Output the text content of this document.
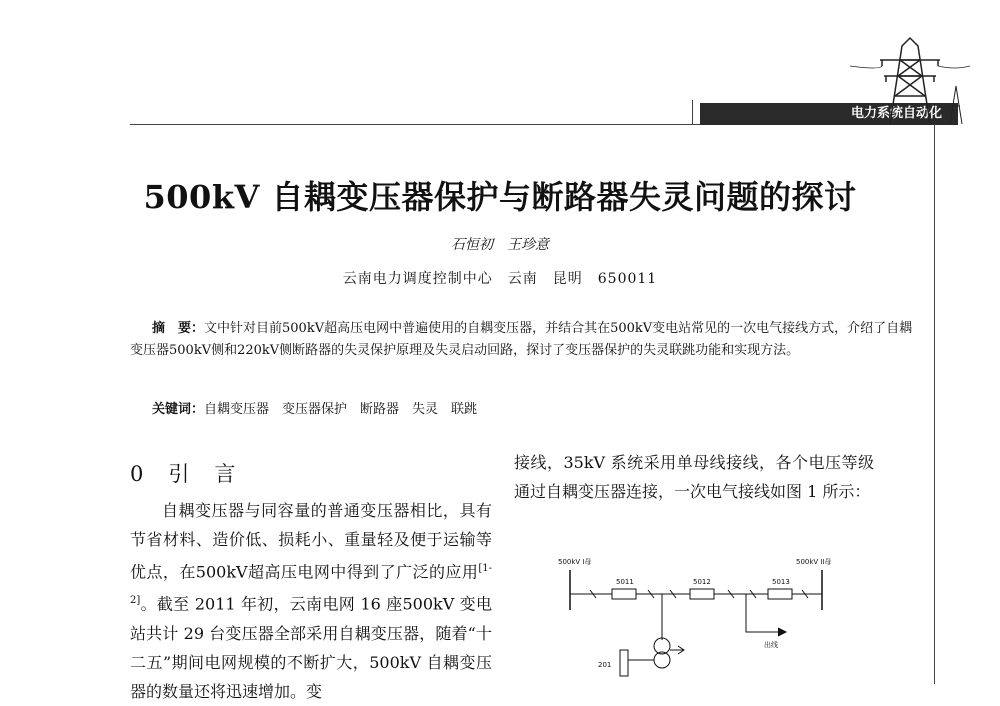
电力系统自动化
500kV 自耦变压器保护与断路器失灵问题的探讨
石恒初　王珍意
云南电力调度控制中心　云南　昆明　650011
摘　要：文中针对目前500kV超高压电网中普遍使用的自耦变压器，并结合其在500kV变电站常见的一次电气接线方式，介绍了自耦变压器500kV侧和220kV侧断路器的失灵保护原理及失灵启动回路，探讨了变压器保护的失灵联跳功能和实现方法。
关键词：自耦变压器　变压器保护　断路器　失灵　联跳
0　引　言
自耦变压器与同容量的普通变压器相比，具有节省材料、造价低、损耗小、重量轻及便于运输等优点，在500kV超高压电网中得到了广泛的应用[1-2]。截至 2011 年初，云南电网 16 座500kV 变电站共计 29 台变压器全部采用自耦变压器，随着“十二五”期间电网规模的不断扩大，500kV 自耦变压器的数量还将迅速增加。变
接线，35kV 系统采用单母线接线，各个电压等级通过自耦变压器连接，一次电气接线如图 1 所示：
500kV I母	500kV II母
5011	5012	5013
出线
201
